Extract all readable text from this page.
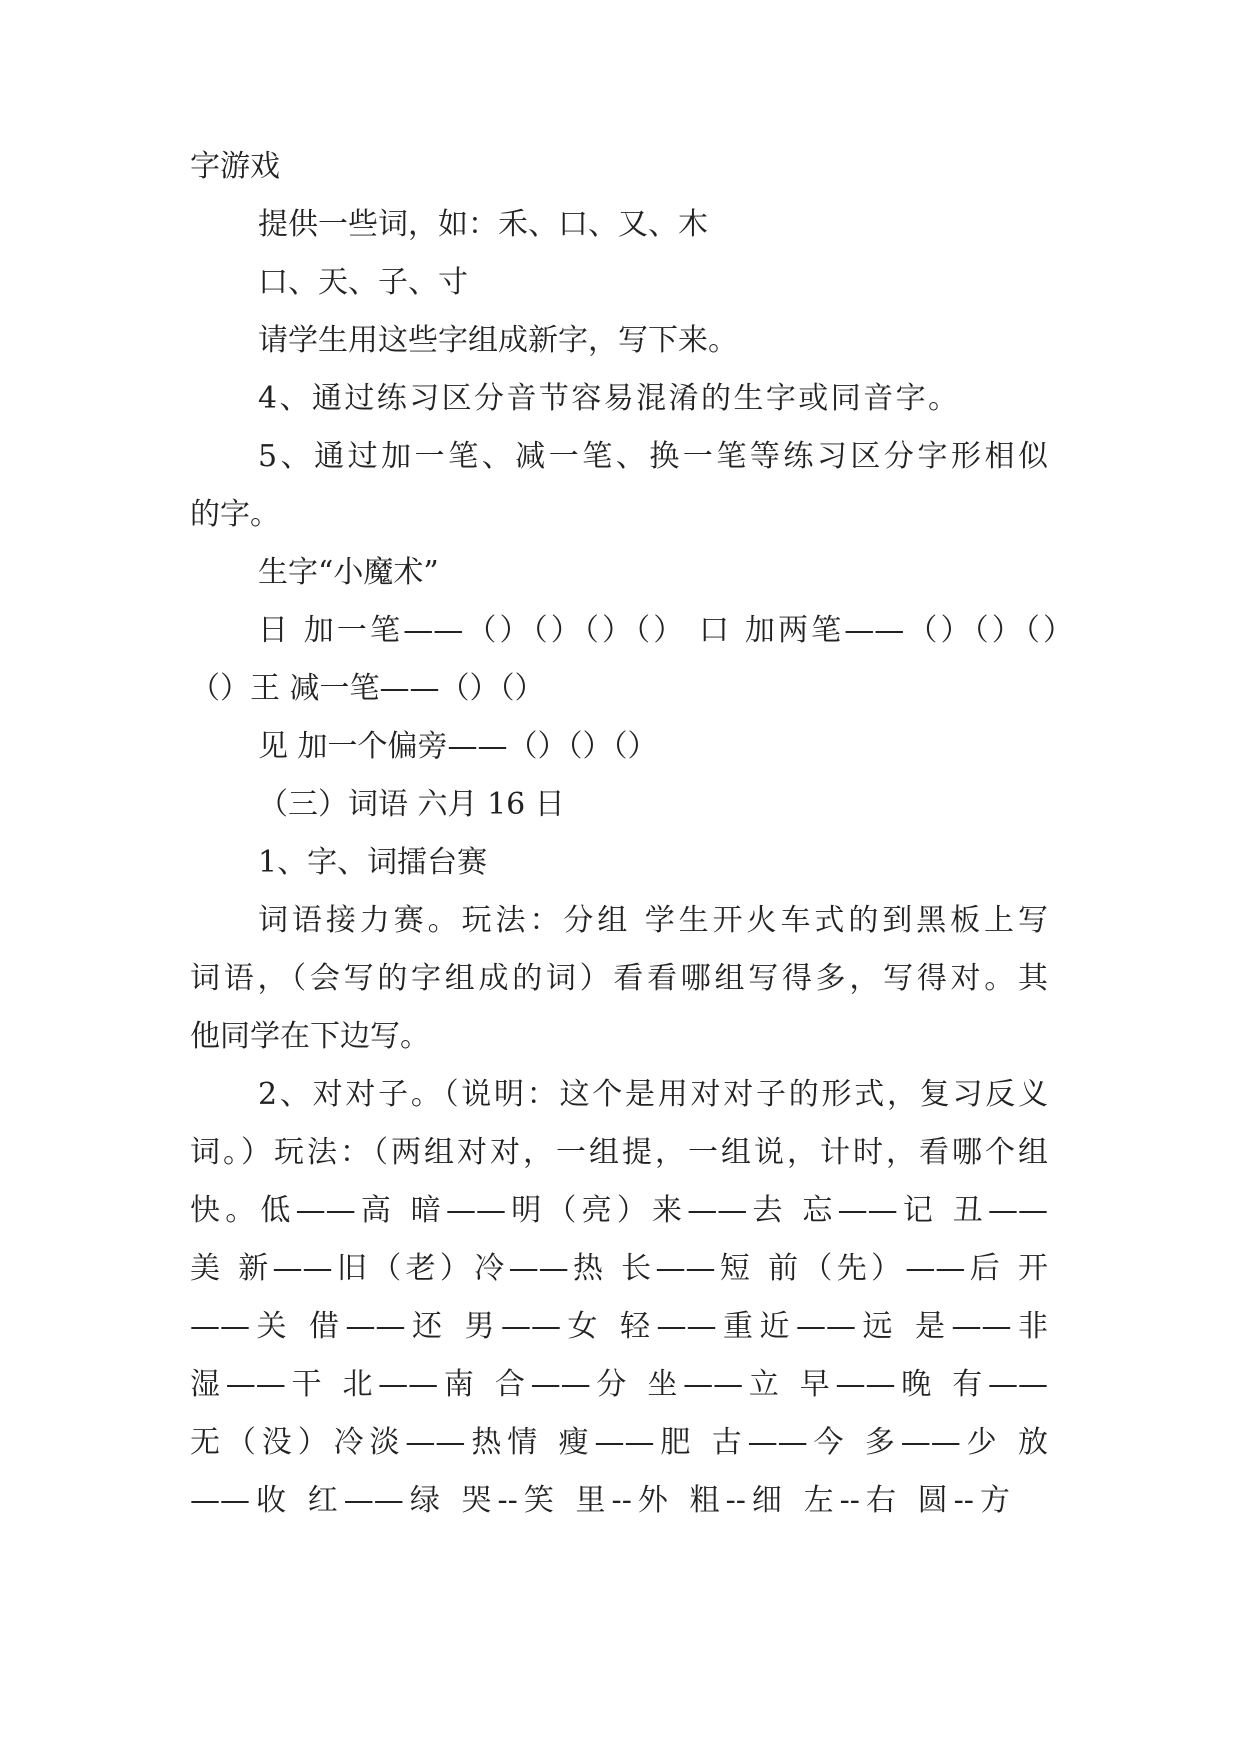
字游戏
提供一些词，如：禾、口、又、木
口、天、子、寸
请学生用这些字组成新字，写下来。
4、通过练习区分音节容易混淆的生字或同音字。
5、通过加一笔、减一笔、换一笔等练习区分字形相似
的字。
生字“小魔术”
日 加一笔——（）（）（）（） 口 加两笔——（）（）（）
（）王 减一笔——（）（）
见 加一个偏旁——（）（）（）
（三）词语 六月 16 日
1、字、词擂台赛
词语接力赛。玩法：分组 学生开火车式的到黑板上写
词语，（会写的字组成的词）看看哪组写得多，写得对。其
他同学在下边写。
2、对对子。（说明：这个是用对对子的形式，复习反义
词。）玩法：（两组对对，一组提，一组说，计时，看哪个组
快。低——高 暗——明（亮）来——去 忘——记 丑——
美 新——旧（老）冷——热 长——短 前（先）——后 开
——关 借——还 男——女 轻——重近——远 是——非
湿——干 北——南 合——分 坐——立 早——晚 有——
无（没）冷淡——热情 瘦——肥 古——今 多——少 放
——收 红——绿 哭--笑 里--外 粗--细 左--右 圆--方
